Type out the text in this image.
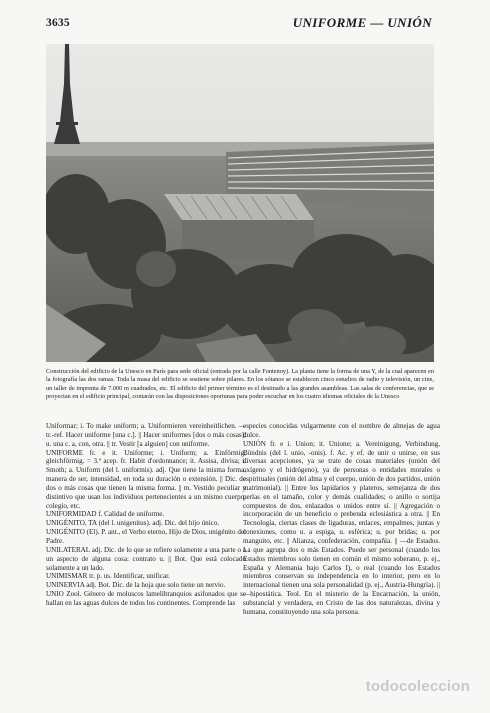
3635	UNIFORME — UNIÓN
Construcción del edificio de la Unesco en París para sede oficial (entrada por la calle Fontenoy). La planta tiene la forma de una Y, de la cual aparecen en la fotografía las dos ramas. Toda la masa del edificio se sostiene sobre pilares. En los sótanos se establecen cinco estudios de radio y televisión, un cine, un taller de imprenta de 7.000 m cuadrados, etc. El edificio del primer término es el destinado a las grandes asambleas. Las salas de conferencias, que se proyectan en el edificio principal, contarán con las disposiciones oportunas para poder escuchar en los cuatro idiomas oficiales de la Unesco

Uniformar; i. To make uniform; a. Uniformieren vereinheitlichen. —tr.-ref. Hacer uniforme [una c.]. || Hacer uniformes [dos o más cosas]; u. una c. a, con, otra. || tr. Vestir [a alguien] con uniforme.

UNIFORME fr. e it. Uniforme; i. Uniform; a. Einförmig, gleichförmig. = 3.ª acep. fr. Habit d'ordonnance; it. Assisa, divisa; i. Smoth; a. Uniform (del l. uniformis). adj. Que tiene la misma forma, manera de ser, intensidad, en toda su duración o extensión. || Dic. de dos o más cosas que tienen la misma forma. || m. Vestido peculiar y distintivo que usan los individuos pertenecientes a un mismo cuerpo, colegio, etc.

UNIFORMIDAD f. Calidad de uniforme.

UNIGÉNITO, TA (del l. unigenitus). adj. Dic. del hijo único.

UNIGÉNITO (El). P. ant., el Verbo eterno, Hijo de Dios, unigénito del Padre.

UNILATERAL adj. Dic. de lo que se refiere solamente a una parte o a un aspecto de alguna cosa: contrato u. || Bot. Que está colocado solamente a un lado.

UNIMISMAR tr. p. us. Identificar, unificar.

UNINERVIA adj. Bot. Dic. de la hoja que solo tiene un nervio.

UNIO Zool. Género de moluscos lamelibranquios asifonados que se hallan en las aguas dulces de todos los continentes. Comprende las

especies conocidas vulgarmente con el nombre de almejas de agua dulce.

UNIÓN fr. e i. Union; it. Unione; a. Vereinigung, Verbindung, Bündnis (del l. unio, -onis). f. Ac. y ef. de unir o unirse, en sus diversas acepciones, ya se trate de cosas materiales (unión del oxígeno y el hidrógeno), ya de personas o entidades morales o espirituales (unión del alma y el cuerpo, unión de dos partidos, unión matrimonial). || Entre los lapidarios y plateros, semejanza de dos perlas en el tamaño, color y demás cualidades; o anillo o sortija compuestos de dos, enlazados o unidos entre sí. || Agregación o incorporación de un beneficio o prebenda eclesiástica a otra. || En Tecnología, ciertas clases de ligaduras, enlaces, empalmes, juntas y conexiones, como u. a espiga, u. esférica; u. por bridas; u. por manguito, etc. || Alianza, confederación, compañía. || —de Estados. La que agrupa dos o más Estados. Puede ser personal (cuando los Estados miembros solo tienen en común el mismo soberano, p. ej., España y Alemania bajo Carlos I), o real (cuando los Estados miembros conservan su independencia en lo interior, pero en lo internacional tienen una sola personalidad (p. ej., Austria-Hungría). || —hipostática. Teol. En el misterio de la Encarnación, la unión, substancial y verdadera, en Cristo de las dos naturalezas, divina y humana, constituyendo una sola persona.

todocoleccion
